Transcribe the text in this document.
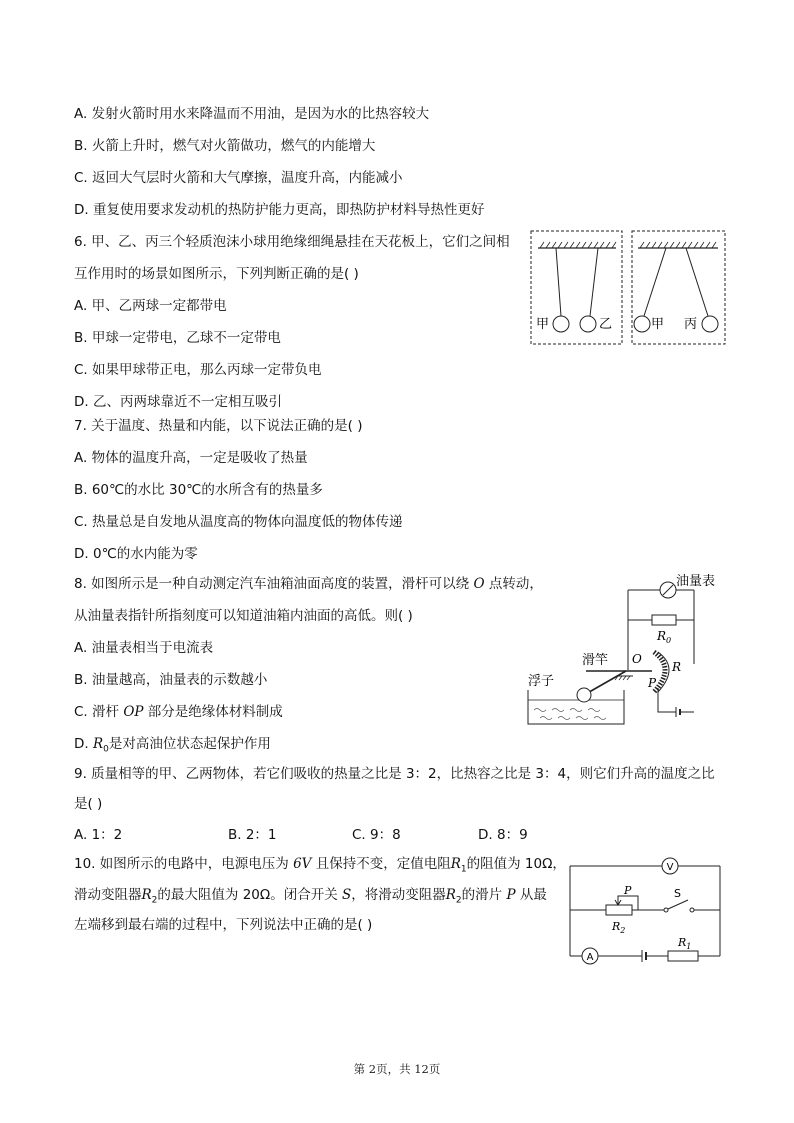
A. 发射火箭时用水来降温而不用油，是因为水的比热容较大
B. 火箭上升时，燃气对火箭做功，燃气的内能增大
C. 返回大气层时火箭和大气摩擦，温度升高，内能减小
D. 重复使用要求发动机的热防护能力更高，即热防护材料导热性更好
6. 甲、乙、丙三个轻质泡沫小球用绝缘细绳悬挂在天花板上，它们之间相
互作用时的场景如图所示，下列判断正确的是( )
A. 甲、乙两球一定都带电
B. 甲球一定带电，乙球不一定带电
C. 如果甲球带正电，那么丙球一定带负电
D. 乙、丙两球靠近不一定相互吸引
甲	乙	甲 丙
7. 关于温度、热量和内能，以下说法正确的是( )
A. 物体的温度升高，一定是吸收了热量
B. 60℃的水比 30℃的水所含有的热量多
C. 热量总是自发地从温度高的物体向温度低的物体传递
D. 0℃的水内能为零
8. 如图所示是一种自动测定汽车油箱油面高度的装置，滑杆可以绕 O 点转动，
从油量表指针所指刻度可以知道油箱内油面的高低。则( )
A. 油量表相当于电流表
B. 油量越高，油量表的示数越小
C. 滑杆 OP 部分是绝缘体材料制成
D. $R_0$是对高油位状态起保护作用
油量表
$R_0$
滑竿 O
R
P
浮子
9. 质量相等的甲、乙两物体，若它们吸收的热量之比是 3：2，比热容之比是 3：4，则它们升高的温度之比
是( )
A. 1：2	B. 2：1	C. 9：8	D. 8：9
10. 如图所示的电路中，电源电压为 6V 且保持不变，定值电阻$R_1$的阻值为 10Ω，
滑动变阻器$R_2$的最大阻值为 20Ω。闭合开关 S，将滑动变阻器$R_2$的滑片 P 从最
左端移到最右端的过程中，下列说法中正确的是( )
V
P
$R_2$
S
A
$R_1$
第 2页，共 12页
